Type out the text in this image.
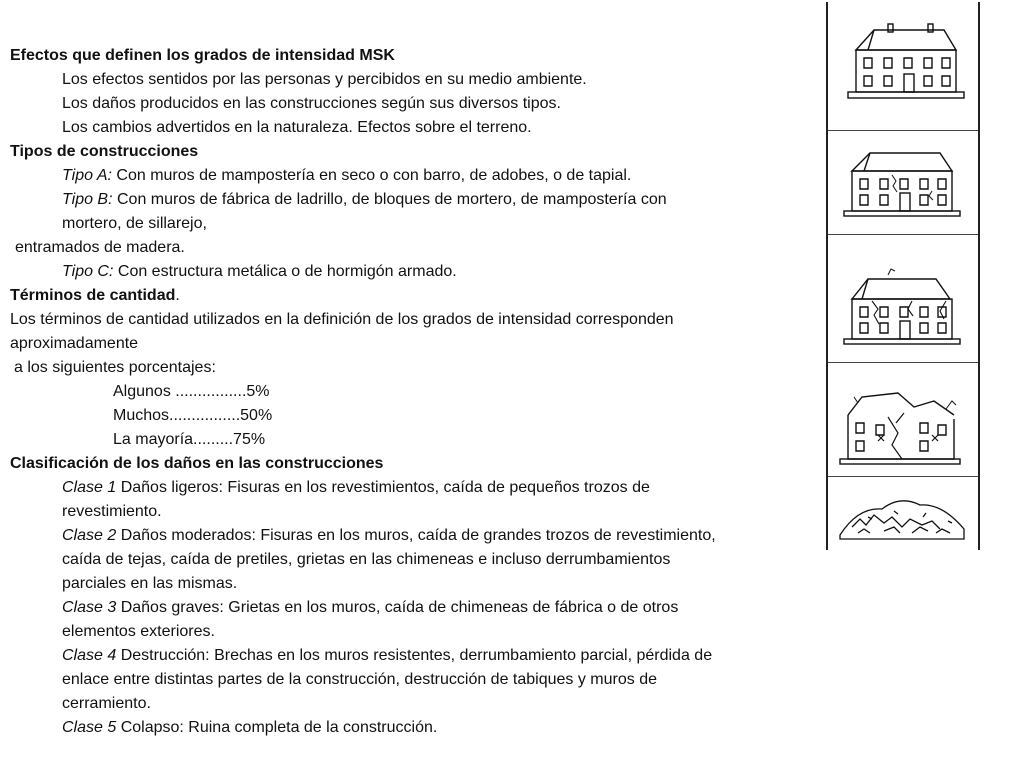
Efectos que definen los grados de intensidad MSK
Los efectos sentidos por las personas y percibidos en su medio ambiente.
Los daños producidos en las construcciones según sus diversos tipos.
Los cambios advertidos en la naturaleza. Efectos sobre el terreno.
Tipos de construcciones
Tipo A: Con muros de mampostería en seco o con barro, de adobes, o de tapial.
Tipo B: Con muros de fábrica de ladrillo, de bloques de mortero, de mampostería con
mortero, de sillarejo,
entramados de madera.
Tipo C: Con estructura metálica o de hormigón armado.
Términos de cantidad.
Los términos de cantidad utilizados en la definición de los grados de intensidad corresponden
aproximadamente
a los siguientes porcentajes:
Algunos ................5%
Muchos................50%
La mayoría.........75%
Clasificación de los daños en las construcciones
Clase 1 Daños ligeros: Fisuras en los revestimientos, caída de pequeños trozos de
revestimiento.
Clase 2 Daños moderados: Fisuras en los muros, caída de grandes trozos de revestimiento,
caída de tejas, caída de pretiles, grietas en las chimeneas e incluso derrumbamientos
parciales en las mismas.
Clase 3 Daños graves: Grietas en los muros, caída de chimeneas de fábrica o de otros
elementos exteriores.
Clase 4 Destrucción: Brechas en los muros resistentes, derrumbamiento parcial, pérdida de
enlace entre distintas partes de la construcción, destrucción de tabiques y muros de
cerramiento.
Clase 5 Colapso: Ruina completa de la construcción.
